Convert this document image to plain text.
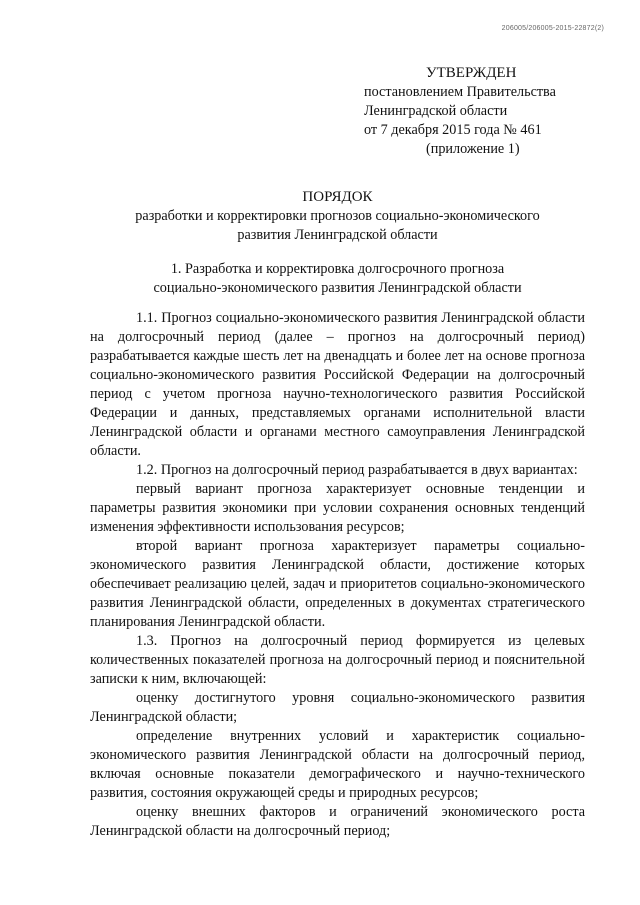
206005/206005-2015-22872(2)
УТВЕРЖДЕН
постановлением Правительства
Ленинградской области
от 7 декабря 2015 года № 461
(приложение 1)
ПОРЯДОК
разработки и корректировки прогнозов социально-экономического
развития Ленинградской области
1. Разработка и корректировка долгосрочного прогноза
социально-экономического развития Ленинградской области

1.1. Прогноз социально-экономического развития Ленинградской области на долгосрочный период (далее – прогноз на долгосрочный период) разрабатывается каждые шесть лет на двенадцать и более лет на основе прогноза социально-экономического развития Российской Федерации на долгосрочный период с учетом прогноза научно-технологического развития Российской Федерации и данных, представляемых органами исполнительной власти Ленинградской области и органами местного самоуправления Ленинградской области.

1.2. Прогноз на долгосрочный период разрабатывается в двух вариантах:

первый вариант прогноза характеризует основные тенденции и параметры развития экономики при условии сохранения основных тенденций изменения эффективности использования ресурсов;

второй вариант прогноза характеризует параметры социально-экономического развития Ленинградской области, достижение которых обеспечивает реализацию целей, задач и приоритетов социально-экономического развития Ленинградской области, определенных в документах стратегического планирования Ленинградской области.

1.3. Прогноз на долгосрочный период формируется из целевых количественных показателей прогноза на долгосрочный период и пояснительной записки к ним, включающей:

оценку достигнутого уровня социально-экономического развития Ленинградской области;

определение внутренних условий и характеристик социально-экономического развития Ленинградской области на долгосрочный период, включая основные показатели демографического и научно-технического развития, состояния окружающей среды и природных ресурсов;

оценку внешних факторов и ограничений экономического роста Ленинградской области на долгосрочный период;
